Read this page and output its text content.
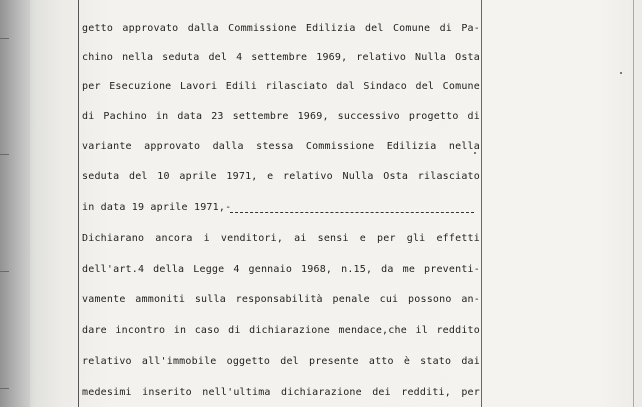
getto approvato dalla Commissione Edilizia del Comune di Pa-
chino nella seduta del 4 settembre 1969, relativo Nulla Osta
per Esecuzione Lavori Edili rilasciato dal Sindaco del Comune
di Pachino in data 23 settembre 1969, successivo progetto di
variante approvato dalla stessa Commissione Edilizia nella
seduta del 10 aprile 1971, e relativo Nulla Osta rilasciato
in data 19 aprile 1971,-
Dichiarano ancora i venditori, ai sensi e per gli effetti
dell'art.4 della Legge 4 gennaio 1968, n.15, da me preventi-
vamente ammoniti sulla responsabilità penale cui possono an-
dare incontro in caso di dichiarazione mendace,che il reddito
relativo all'immobile oggetto del presente atto è stato dai
medesimi inserito nell'ultima dichiarazione dei redditi, per
